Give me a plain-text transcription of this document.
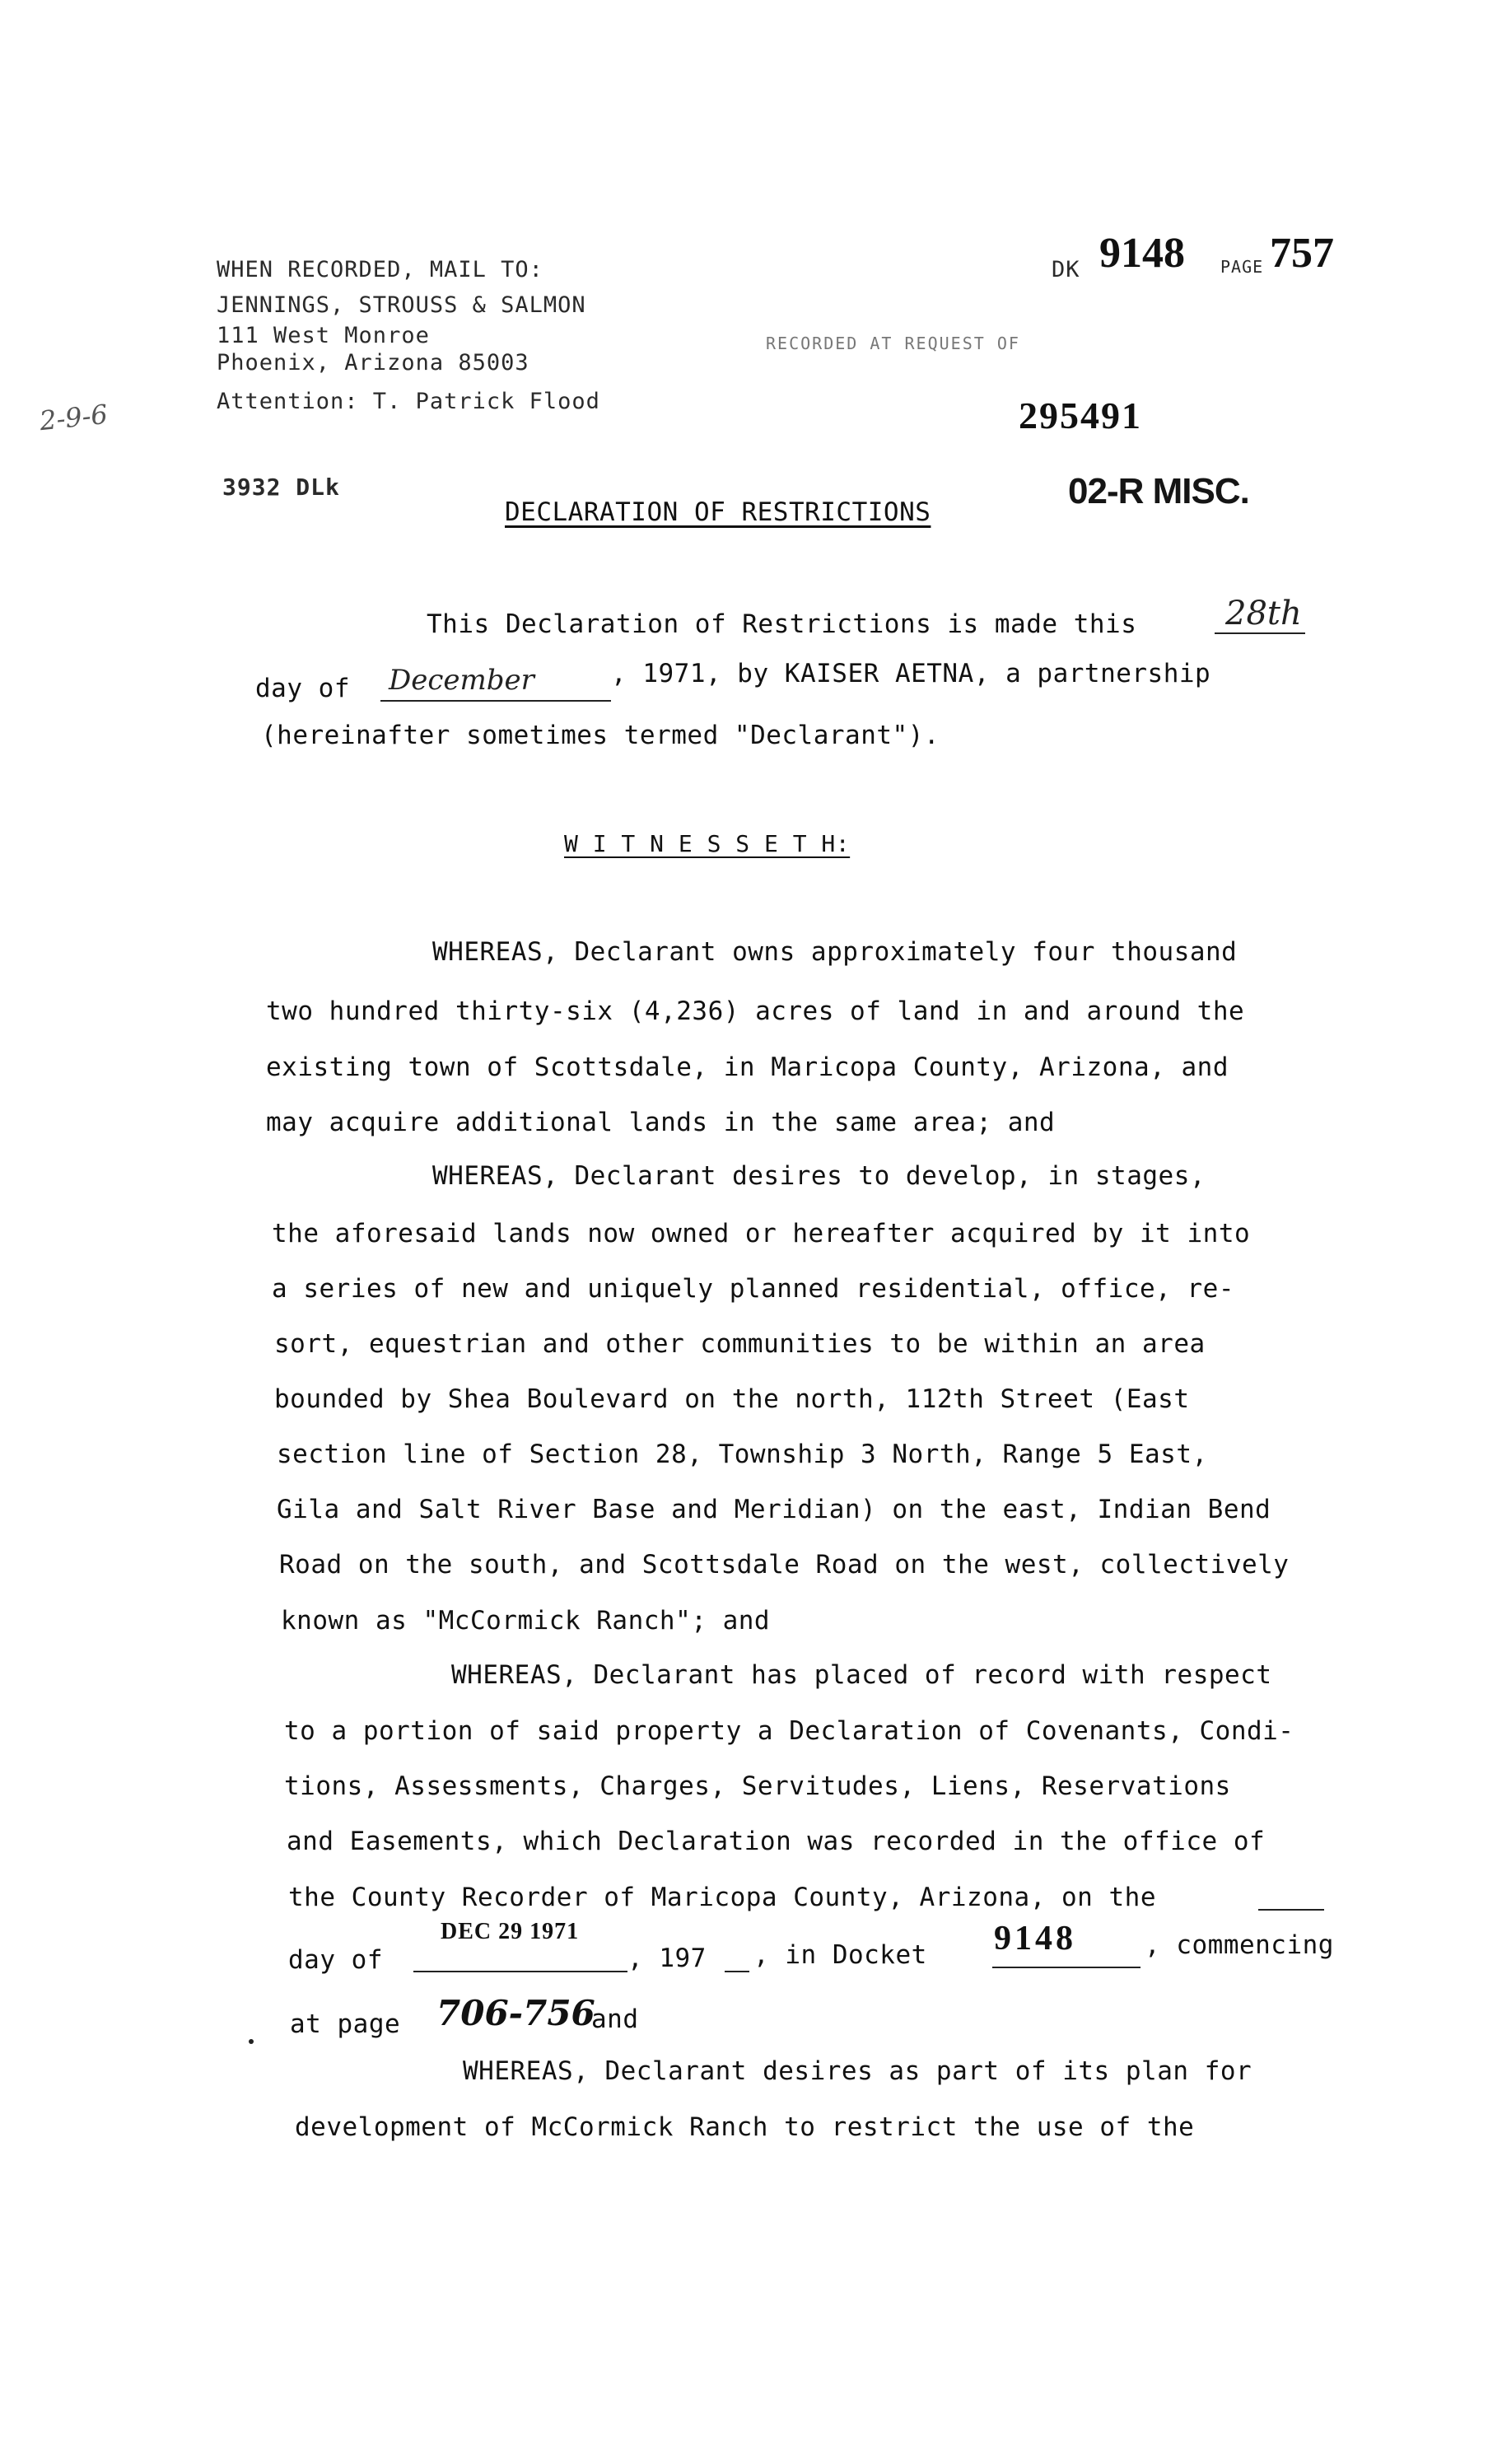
2-9-6
WHEN RECORDED, MAIL TO:
JENNINGS, STROUSS & SALMON
111 West Monroe
Phoenix, Arizona 85003
Attention: T. Patrick Flood
DK 9148 PAGE 757
RECORDED AT REQUEST OF
295491
3932 DLk	02-R MISC.
DECLARATION OF RESTRICTIONS
This Declaration of Restrictions is made this	28th
day of December	, 1971, by KAISER AETNA, a partnership
(hereinafter sometimes termed "Declarant").
W I T N E S S E T H:
WHEREAS, Declarant owns approximately four thousand
two hundred thirty-six (4,236) acres of land in and around the
existing town of Scottsdale, in Maricopa County, Arizona, and
may acquire additional lands in the same area; and
WHEREAS, Declarant desires to develop, in stages,
the aforesaid lands now owned or hereafter acquired by it into
a series of new and uniquely planned residential, office, re-
sort, equestrian and other communities to be within an area
bounded by Shea Boulevard on the north, 112th Street (East
section line of Section 28, Township 3 North, Range 5 East,
Gila and Salt River Base and Meridian) on the east, Indian Bend
Road on the south, and Scottsdale Road on the west, collectively
known as "McCormick Ranch"; and
WHEREAS, Declarant has placed of record with respect
to a portion of said property a Declaration of Covenants, Condi-
tions, Assessments, Charges, Servitudes, Liens, Reservations
and Easements, which Declaration was recorded in the office of
the County Recorder of Maricopa County, Arizona, on the
day of
DEC 29 1971
, 197 , in Docket 9148	, commencing
at page 706-756
and
WHEREAS, Declarant desires as part of its plan for
development of McCormick Ranch to restrict the use of the
